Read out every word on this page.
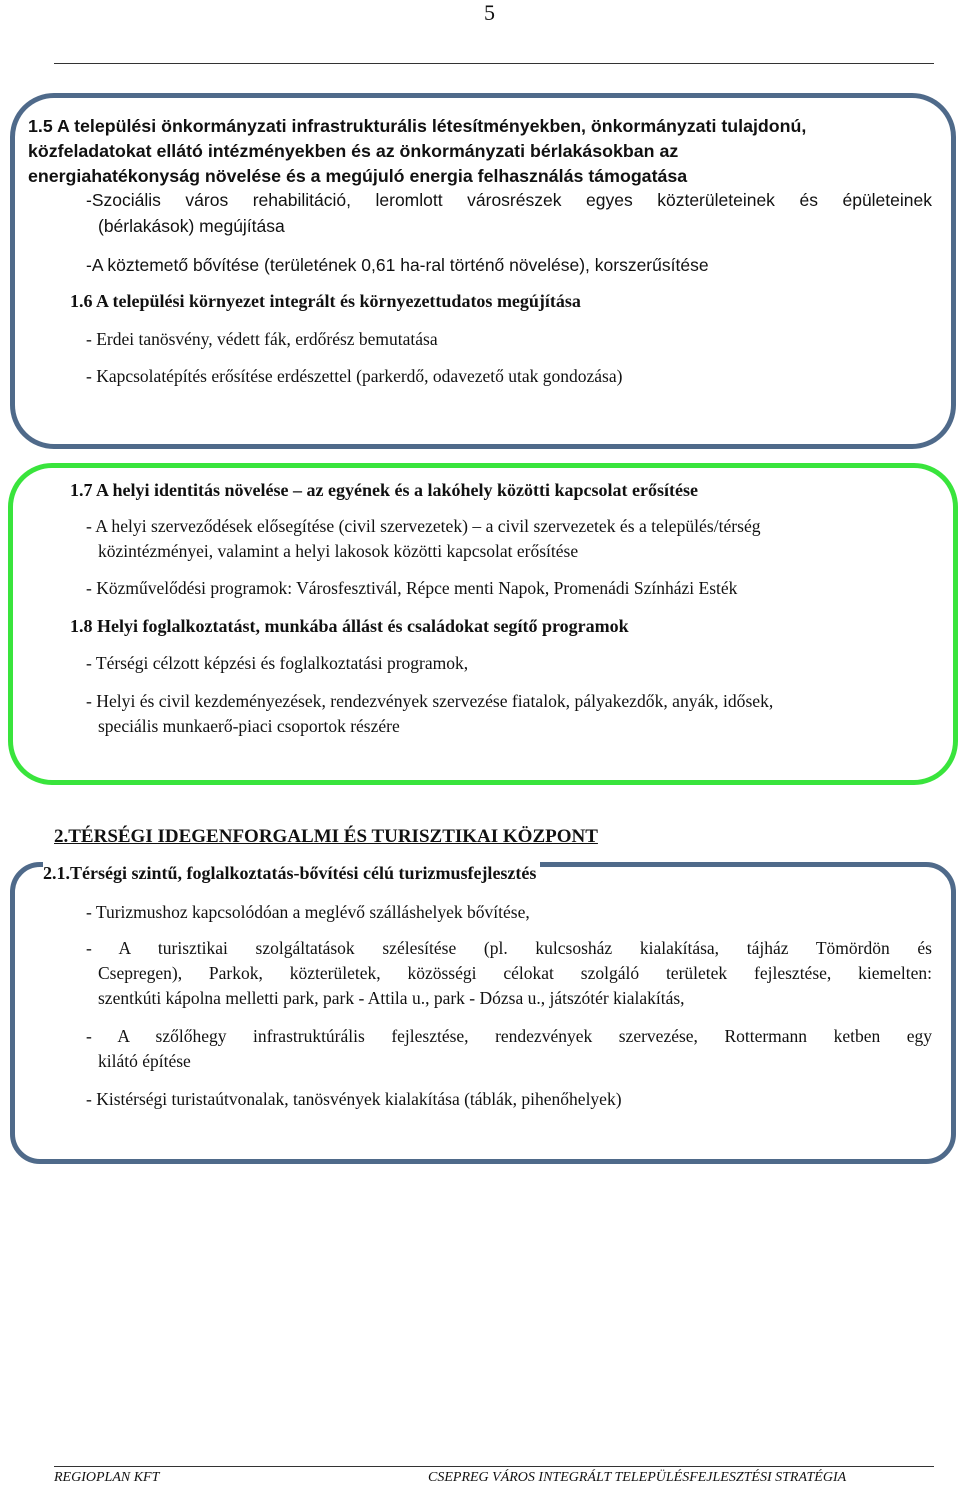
5
1.5 A települési önkormányzati infrastrukturális létesítményekben, önkormányzati tulajdonú,
közfeladatokat ellátó intézményekben és az önkormányzati bérlakásokban az
energiahatékonyság növelése és a megújuló energia felhasználás támogatása
-Szociális város rehabilitáció, leromlott városrészek egyes közterületeinek és épületeinek
(bérlakások) megújítása
-A köztemető bővítése (területének 0,61 ha-ral történő növelése), korszerűsítése
1.6 A települési környezet integrált és környezettudatos megújítása
- Erdei tanösvény, védett fák, erdőrész bemutatása
- Kapcsolatépítés erősítése erdészettel (parkerdő, odavezető utak gondozása)
1.7 A helyi identitás növelése – az egyének és a lakóhely közötti kapcsolat erősítése
- A helyi szerveződések elősegítése (civil szervezetek) – a civil szervezetek és a település/térség
közintézményei, valamint a helyi lakosok közötti kapcsolat erősítése
- Közművelődési programok: Városfesztivál, Répce menti Napok, Promenádi Színházi Esték
1.8 Helyi foglalkoztatást, munkába állást és családokat segítő programok
- Térségi célzott képzési és foglalkoztatási programok,
- Helyi és civil kezdeményezések, rendezvények szervezése fiatalok, pályakezdők, anyák, idősek,
speciális munkaerő-piaci csoportok részére
2.TÉRSÉGI IDEGENFORGALMI ÉS TURISZTIKAI KÖZPONT
2.1.Térségi szintű, foglalkoztatás-bővítési célú turizmusfejlesztés
- Turizmushoz kapcsolódóan a meglévő szálláshelyek bővítése,
- A turisztikai szolgáltatások szélesítése (pl. kulcsosház kialakítása, tájház Tömördön és
Csepregen), Parkok, közterületek, közösségi célokat szolgáló területek fejlesztése, kiemelten:
szentkúti kápolna melletti park, park - Attila u., park - Dózsa u., játszótér kialakítás,
- A szőlőhegy infrastruktúrális fejlesztése, rendezvények szervezése, Rottermann ketben egy
kilátó építése
- Kistérségi turistaútvonalak, tanösvények kialakítása (táblák, pihenőhelyek)
REGIOPLAN KFT	CSEPREG VÁROS INTEGRÁLT TELEPÜLÉSFEJLESZTÉSI STRATÉGIA
